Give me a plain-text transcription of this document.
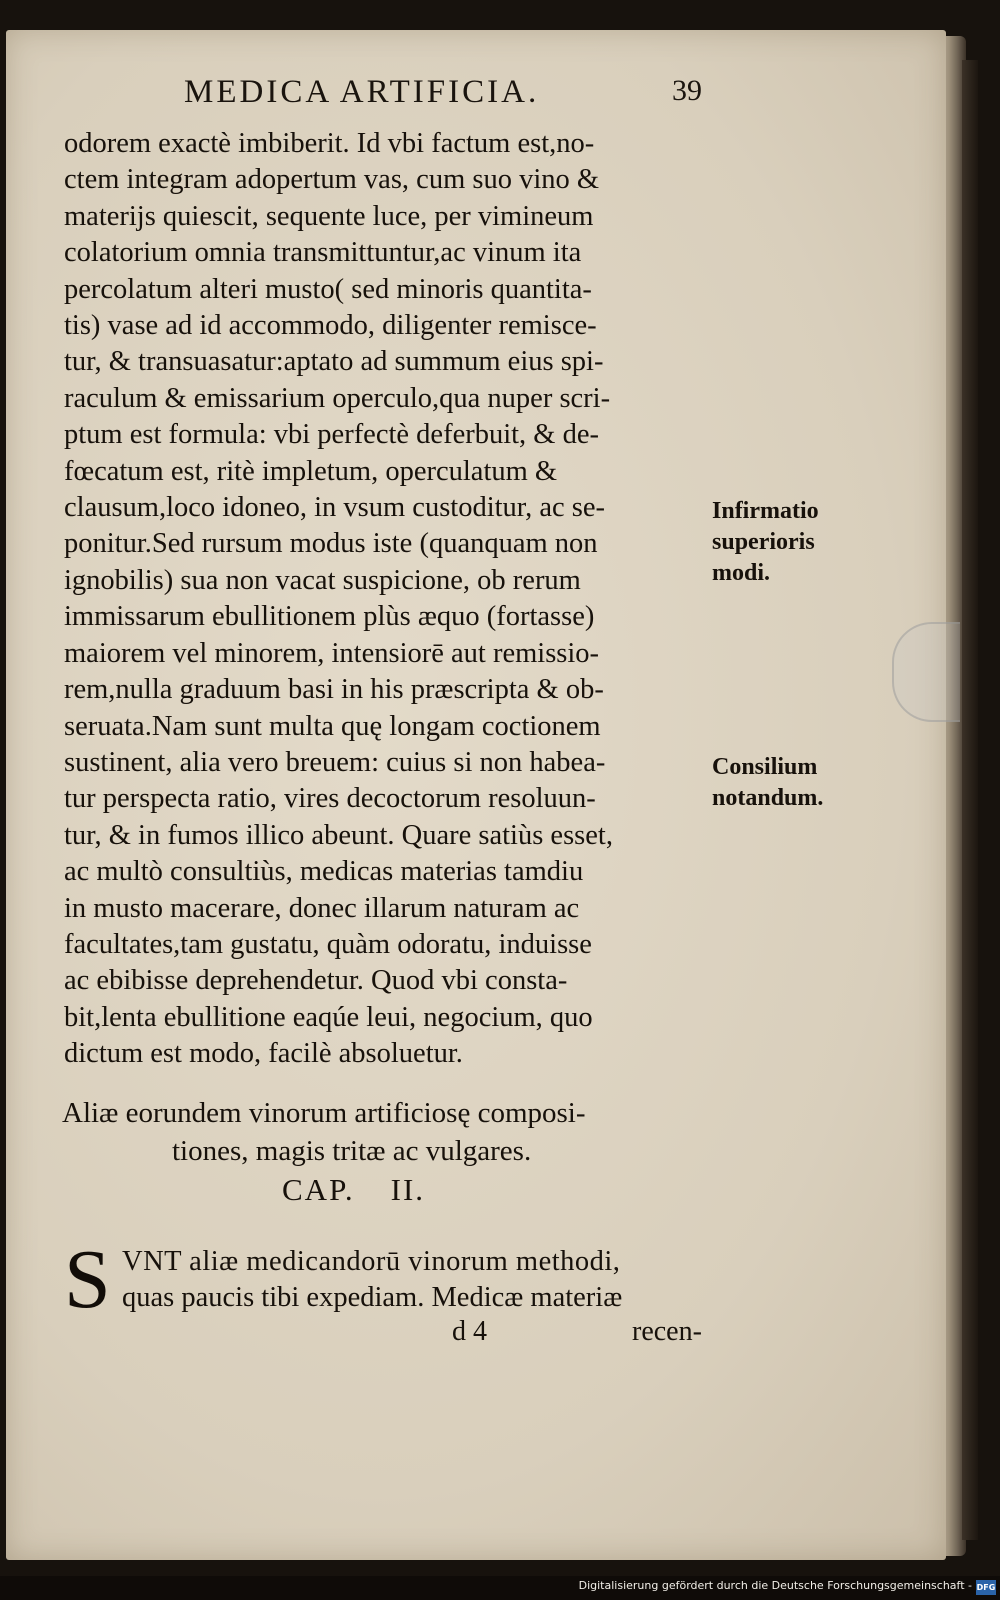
MEDICA ARTIFICIA.	39
odorem exactè imbiberit. Id vbi factum est,no-
ctem integram adopertum vas, cum suo vino &
materijs quiescit, sequente luce, per vimineum
colatorium omnia transmittuntur,ac vinum ita
percolatum alteri musto( sed minoris quantita-
tis) vase ad id accommodo, diligenter remisce-
tur, & transuasatur:aptato ad summum eius spi-
raculum & emissarium operculo,qua nuper scri-
ptum est formula: vbi perfectè deferbuit, & de-
fœcatum est, ritè impletum, operculatum &
clausum,loco idoneo, in vsum custoditur, ac se-
ponitur.Sed rursum modus iste (quanquam non
ignobilis) sua non vacat suspicione, ob rerum
immissarum ebullitionem plùs æquo (fortasse)
maiorem vel minorem, intensiorē aut remissio-
rem,nulla graduum basi in his præscripta & ob-
seruata.Nam sunt multa quę longam coctionem
sustinent, alia vero breuem: cuius si non habea-
tur perspecta ratio, vires decoctorum resoluun-
tur, & in fumos illico abeunt. Quare satiùs esset,
ac multò consultiùs, medicas materias tamdiu
in musto macerare, donec illarum naturam ac
facultates,tam gustatu, quàm odoratu, induisse
ac ebibisse deprehendetur. Quod vbi consta-
bit,lenta ebullitione eaqúe leui, negocium, quo
dictum est modo, facilè absoluetur.
Infirmatio
superioris
modi.
Consilium
notandum.
Aliæ eorundem vinorum artificiosę composi-
tiones, magis tritæ ac vulgares.
CAP. II.
S VNT aliæ medicandorū vinorum methodi,
quas paucis tibi expediam. Medicæ materiæ
d 4	recen-
Digitalisierung gefördert durch die Deutsche Forschungsgemeinschaft - DFG
